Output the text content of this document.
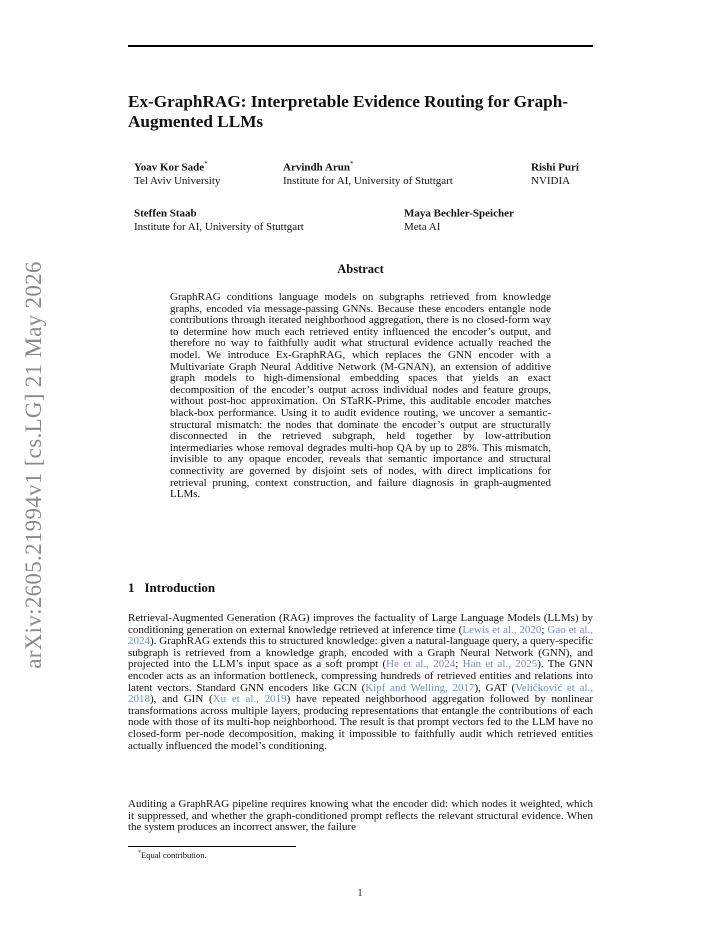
Ex-GraphRAG: Interpretable Evidence Routing for Graph-Augmented LLMs
Yoav Kor Sade*
Tel Aviv University
Arvindh Arun*
Institute for AI, University of Stuttgart
Rishi Puri
NVIDIA
Steffen Staab
Institute for AI, University of Stuttgart
Maya Bechler-Speicher
Meta AI
arXiv:2605.21994v1 [cs.LG] 21 May 2026	Abstract

GraphRAG conditions language models on subgraphs retrieved from knowledge graphs, encoded via message-passing GNNs. Because these encoders entangle node contributions through iterated neighborhood aggregation, there is no closed-form way to determine how much each retrieved entity influenced the encoder’s output, and therefore no way to faithfully audit what structural evidence actually reached the model. We introduce Ex-GraphRAG, which replaces the GNN encoder with a Multivariate Graph Neural Additive Network (M-GNAN), an extension of additive graph models to high-dimensional embedding spaces that yields an exact decomposition of the encoder’s output across individual nodes and feature groups, without post-hoc approximation. On STaRK-Prime, this auditable encoder matches black-box performance. Using it to audit evidence routing, we uncover a semantic-structural mismatch: the nodes that dominate the encoder’s output are structurally disconnected in the retrieved subgraph, held together by low-attribution intermediaries whose removal degrades multi-hop QA by up to 28%. This mismatch, invisible to any opaque encoder, reveals that semantic importance and structural connectivity are governed by disjoint sets of nodes, with direct implications for retrieval pruning, context construction, and failure diagnosis in graph-augmented LLMs.

1 Introduction

Retrieval-Augmented Generation (RAG) improves the factuality of Large Language Models (LLMs) by conditioning generation on external knowledge retrieved at inference time (Lewis et al., 2020; Gao et al., 2024). GraphRAG extends this to structured knowledge: given a natural-language query, a query-specific subgraph is retrieved from a knowledge graph, encoded with a Graph Neural Network (GNN), and projected into the LLM’s input space as a soft prompt (He et al., 2024; Han et al., 2025). The GNN encoder acts as an information bottleneck, compressing hundreds of retrieved entities and relations into latent vectors. Standard GNN encoders like GCN (Kipf and Welling, 2017), GAT (Veličković et al., 2018), and GIN (Xu et al., 2019) have repeated neighborhood aggregation followed by nonlinear transformations across multiple layers, producing representations that entangle the contributions of each node with those of its multi-hop neighborhood. The result is that prompt vectors fed to the LLM have no closed-form per-node decomposition, making it impossible to faithfully audit which retrieved entities actually influenced the model’s conditioning.

Auditing a GraphRAG pipeline requires knowing what the encoder did: which nodes it weighted, which it suppressed, and whether the graph-conditioned prompt reflects the relevant structural evidence. When the system produces an incorrect answer, the failure

*Equal contribution.
1
